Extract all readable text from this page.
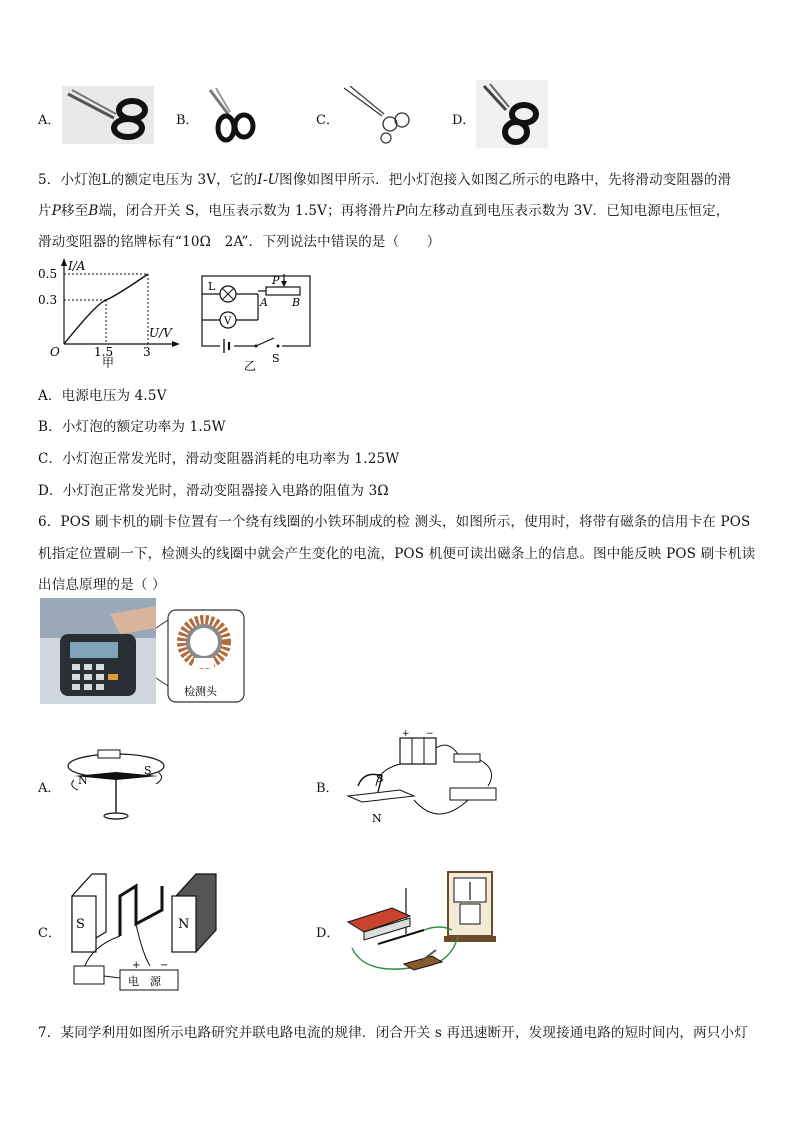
A．	B．	C．	D．
5．小灯泡L的额定电压为 3V，它的I-U图像如图甲所示．把小灯泡接入如图乙所示的电路中，先将滑动变阻器的滑
片P移至B端，闭合开关 S，电压表示数为 1.5V；再将滑片P向左移动直到电压表示数为 3V．已知电源电压恒定，
滑动变阻器的铭牌标有“10Ω　2A”．下列说法中错误的是（　　）
I/A
U/V
0.5
0.3
O	1.5 3
甲
L
V
P
A B
S
乙
A．电源电压为 4.5V
B．小灯泡的额定功率为 1.5W
C．小灯泡正常发光时，滑动变阻器消耗的电功率为 1.25W
D．小灯泡正常发光时，滑动变阻器接入电路的阻值为 3Ω
6．POS 刷卡机的刷卡位置有一个绕有线圈的小铁环制成的检 测头，如图所示，使用时，将带有磁条的信用卡在 POS
机指定位置刷一下，检测头的线圈中就会产生变化的电流，POS 机便可读出磁条上的信息。图中能反映 POS 刷卡机读
出信息原理的是（ ）
检测头
A．
N
S
B．
+ −
S
N
C．
S	N
电　源
+ −
D．
7．某同学利用如图所示电路研究并联电路电流的规律．闭合开关 s 再迅速断开，发现接通电路的短时间内，两只小灯
